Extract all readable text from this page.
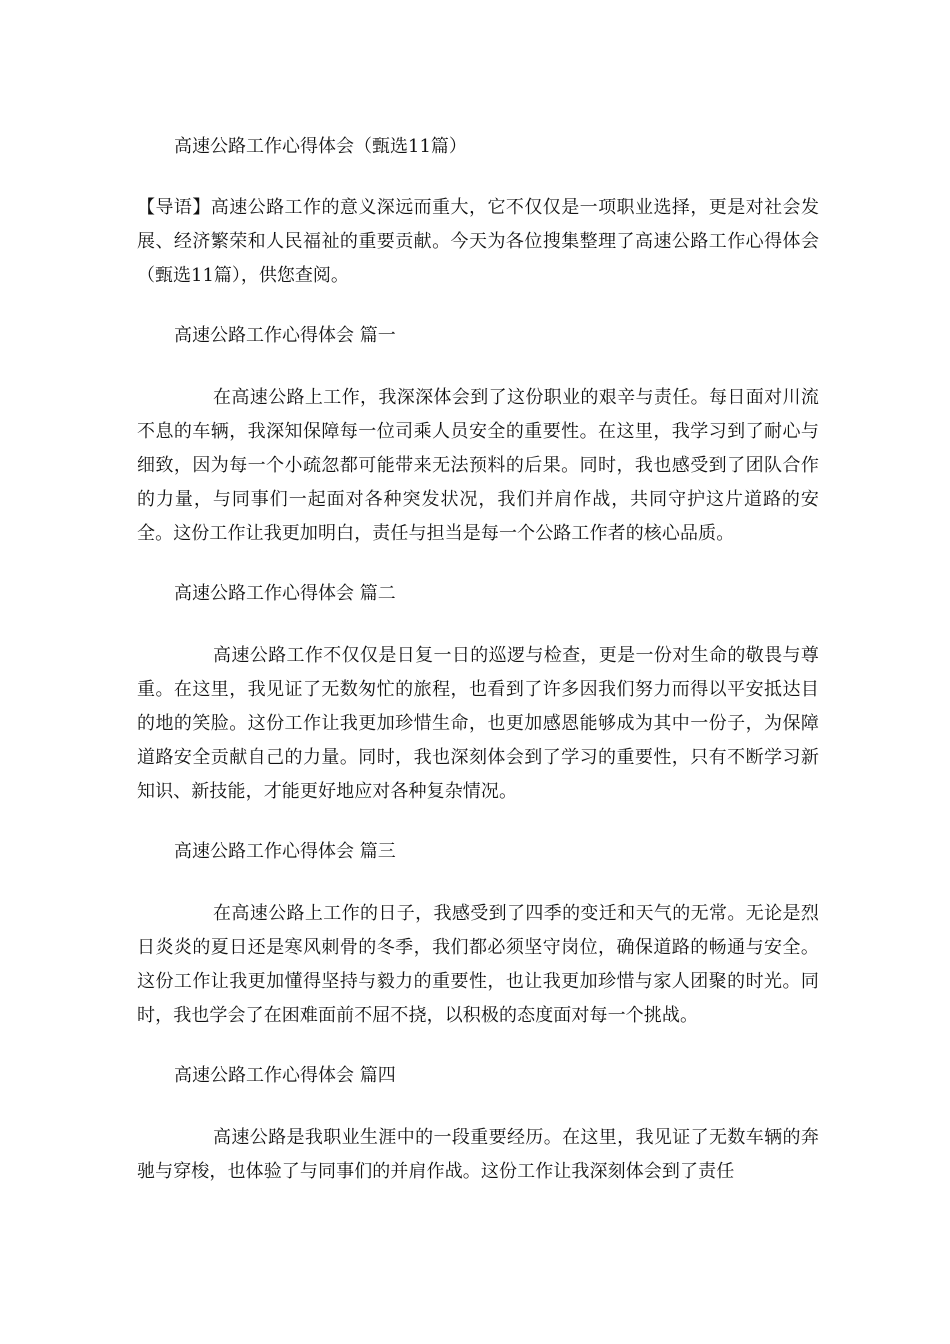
高速公路工作心得体会（甄选11篇）

【导语】高速公路工作的意义深远而重大，它不仅仅是一项职业选择，更是对社会发展、经济繁荣和人民福祉的重要贡献。今天为各位搜集整理了高速公路工作心得体会（甄选11篇），供您查阅。

高速公路工作心得体会 篇一

在高速公路上工作，我深深体会到了这份职业的艰辛与责任。每日面对川流不息的车辆，我深知保障每一位司乘人员安全的重要性。在这里，我学习到了耐心与细致，因为每一个小疏忽都可能带来无法预料的后果。同时，我也感受到了团队合作的力量，与同事们一起面对各种突发状况，我们并肩作战，共同守护这片道路的安全。这份工作让我更加明白，责任与担当是每一个公路工作者的核心品质。

高速公路工作心得体会 篇二

高速公路工作不仅仅是日复一日的巡逻与检查，更是一份对生命的敬畏与尊重。在这里，我见证了无数匆忙的旅程，也看到了许多因我们努力而得以平安抵达目的地的笑脸。这份工作让我更加珍惜生命，也更加感恩能够成为其中一份子，为保障道路安全贡献自己的力量。同时，我也深刻体会到了学习的重要性，只有不断学习新知识、新技能，才能更好地应对各种复杂情况。

高速公路工作心得体会 篇三

在高速公路上工作的日子，我感受到了四季的变迁和天气的无常。无论是烈日炎炎的夏日还是寒风刺骨的冬季，我们都必须坚守岗位，确保道路的畅通与安全。这份工作让我更加懂得坚持与毅力的重要性，也让我更加珍惜与家人团聚的时光。同时，我也学会了在困难面前不屈不挠，以积极的态度面对每一个挑战。

高速公路工作心得体会 篇四

高速公路是我职业生涯中的一段重要经历。在这里，我见证了无数车辆的奔驰与穿梭，也体验了与同事们的并肩作战。这份工作让我深刻体会到了责任
